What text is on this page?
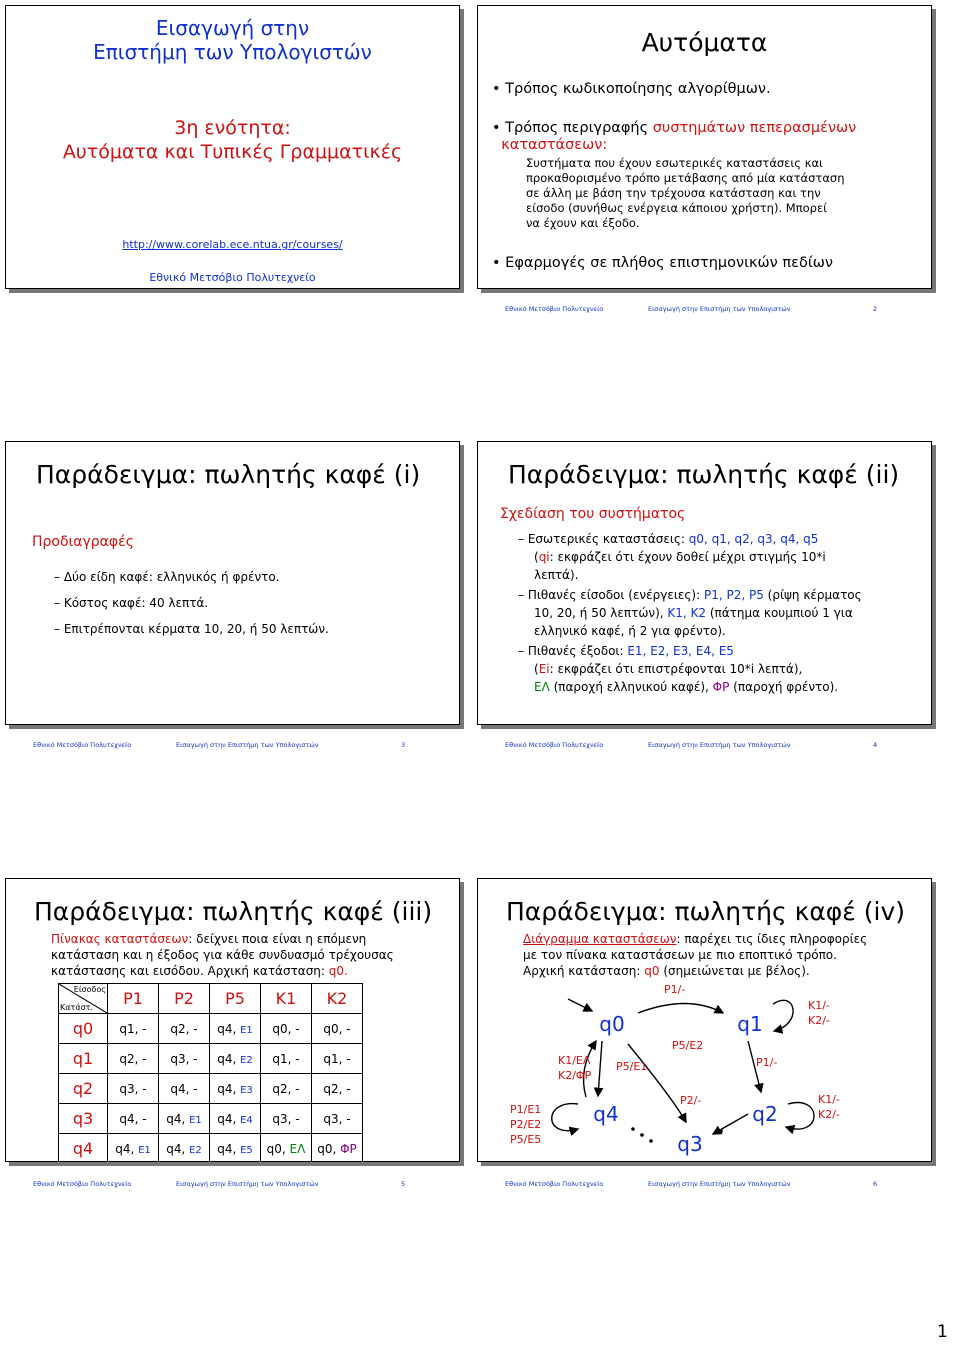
Εισαγωγή στην
Επιστήμη των Υπολογιστών
3η ενότητα:
Αυτόματα και Τυπικές Γραμματικές
http://www.corelab.ece.ntua.gr/courses/
Εθνικό Μετσόβιο Πολυτεχνείο
Αυτόματα
• Τρόπος κωδικοποίησης αλγορίθμων.
• Τρόπος περιγραφής συστημάτων πεπερασμένων
καταστάσεων:
Συστήματα που έχουν εσωτερικές καταστάσεις και
προκαθορισμένο τρόπο μετάβασης από μία κατάσταση
σε άλλη με βάση την τρέχουσα κατάσταση και την
είσοδο (συνήθως ενέργεια κάποιου χρήστη). Μπορεί
να έχουν και έξοδο.
• Εφαρμογές σε πλήθος επιστημονικών πεδίων
Παράδειγμα: πωλητής καφέ (i)
Προδιαγραφές
– Δύο είδη καφέ: ελληνικός ή φρέντο.
– Κόστος καφέ: 40 λεπτά.
– Επιτρέπονται κέρματα 10, 20, ή 50 λεπτών.
Παράδειγμα: πωλητής καφέ (ii)
Σχεδίαση του συστήματος
– Εσωτερικές καταστάσεις: q0, q1, q2, q3, q4, q5
(qi: εκφράζει ότι έχουν δοθεί μέχρι στιγμής 10*i
λεπτά).
– Πιθανές είσοδοι (ενέργειες): P1, P2, P5 (ρίψη κέρματος
10, 20, ή 50 λεπτών), K1, K2 (πάτημα κουμπιού 1 για
ελληνικό καφέ, ή 2 για φρέντο).
– Πιθανές έξοδοι: E1, E2, E3, E4, E5
(Ei: εκφράζει ότι επιστρέφονται 10*i λεπτά),
ΕΛ (παροχή ελληνικού καφέ), ΦΡ (παροχή φρέντο).
Παράδειγμα: πωλητής καφέ (iii)
Πίνακας καταστάσεων: δείχνει ποια είναι η επόμενη
κατάσταση και η έξοδος για κάθε συνδυασμό τρέχουσας
κατάστασης και εισόδου. Αρχική κατάσταση: q0.
Είσοδος
Κατάστ.	P1	P2	P5	K1	K2
q0	q1, -	q2, -	q4, E1	q0, -	q0, -
q1	q2, -	q3, -	q4, E2	q1, -	q1, -
q2	q3, -	q4, -	q4, E3	q2, -	q2, -
q3	q4, -	q4, E1	q4, E4	q3, -	q3, -
q4	q4, E1	q4, E2	q4, E5	q0, ΕΛ	q0, ΦΡ
Παράδειγμα: πωλητής καφέ (iv)
Διάγραμμα καταστάσεων: παρέχει τις ίδιες πληροφορίες
με τον πίνακα καταστάσεων με πιο εποπτικό τρόπο.
Αρχική κατάσταση: q0 (σημειώνεται με βέλος).
q0	q1
q2
q3
q4
P1/-
K1/-
K2/-
P5/E2
P5/E1
K1/ΕΛ
K2/ΦΡ
P1/-
P2/-	K1/-
K2/-
P1/E1
P2/E2
P5/E5
Εθνικό Μετσόβιο Πολυτεχνείο	Εισαγωγή στην Επιστήμη των Υπολογιστών	2
Εθνικό Μετσόβιο Πολυτεχνείο	Εισαγωγή στην Επιστήμη των Υπολογιστών	3	Εθνικό Μετσόβιο Πολυτεχνείο	Εισαγωγή στην Επιστήμη των Υπολογιστών	4
Εθνικό Μετσόβιο Πολυτεχνείο	Εισαγωγή στην Επιστήμη των Υπολογιστών	5	Εθνικό Μετσόβιο Πολυτεχνείο	Εισαγωγή στην Επιστήμη των Υπολογιστών	6
1
